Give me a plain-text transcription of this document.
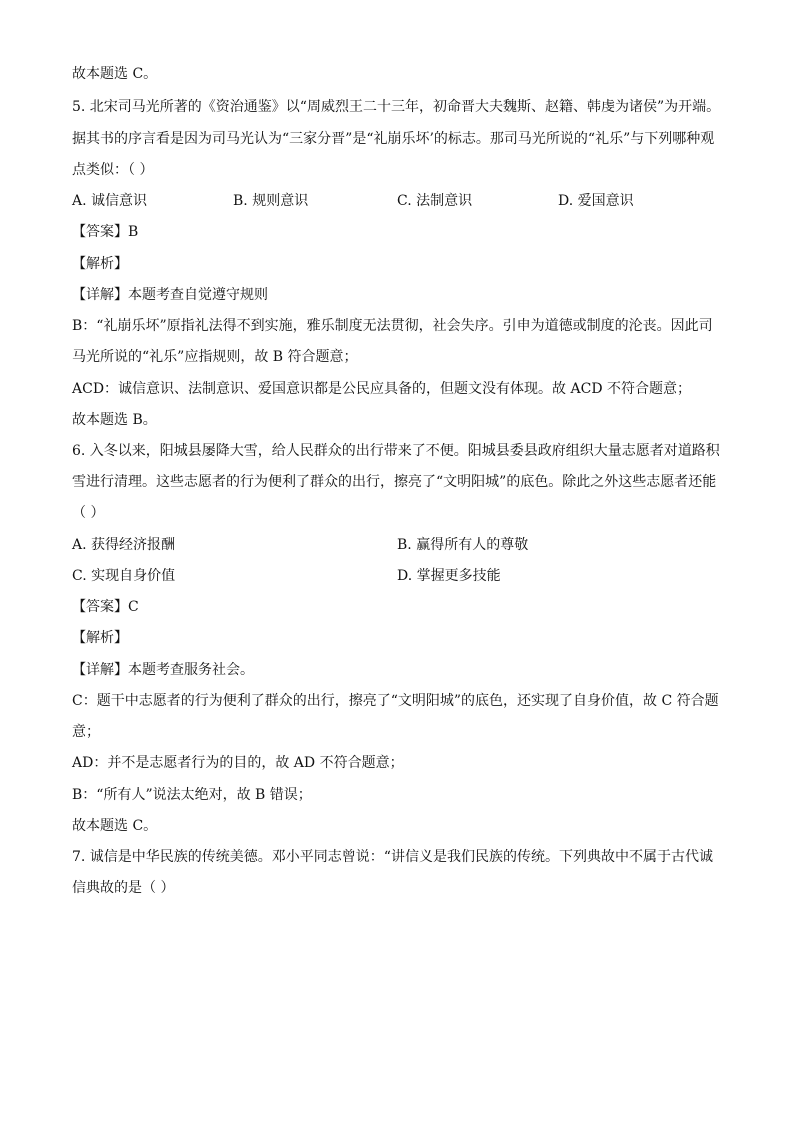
故本题选 C。
5. 北宋司马光所著的《资治通鉴》以“周威烈王二十三年，初命晋大夫魏斯、赵籍、韩虔为诸侯”为开端。
据其书的序言看是因为司马光认为“三家分晋”是“礼崩乐坏’的标志。那司马光所说的“礼乐”与下列哪种观
点类似：（ ）
A. 诚信意识	B. 规则意识	C. 法制意识	D. 爱国意识
【答案】B
【解析】
【详解】本题考查自觉遵守规则
B：“礼崩乐坏”原指礼法得不到实施，雅乐制度无法贯彻，社会失序。引申为道德或制度的沦丧。因此司
马光所说的“礼乐”应指规则，故 B 符合题意；
ACD：诚信意识、法制意识、爱国意识都是公民应具备的，但题文没有体现。故 ACD 不符合题意；
故本题选 B。
6. 入冬以来，阳城县屡降大雪，给人民群众的出行带来了不便。阳城县委县政府组织大量志愿者对道路积
雪进行清理。这些志愿者的行为便利了群众的出行，擦亮了“文明阳城”的底色。除此之外这些志愿者还能
（ ）
A. 获得经济报酬	B. 赢得所有人的尊敬
C. 实现自身价值	D. 掌握更多技能
【答案】C
【解析】
【详解】本题考查服务社会。
C：题干中志愿者的行为便利了群众的出行，擦亮了“文明阳城”的底色，还实现了自身价值，故 C 符合题
意；
AD：并不是志愿者行为的目的，故 AD 不符合题意；
B：“所有人”说法太绝对，故 B 错误；
故本题选 C。
7. 诚信是中华民族的传统美德。邓小平同志曾说：“讲信义是我们民族的传统。下列典故中不属于古代诚
信典故的是（ ）
